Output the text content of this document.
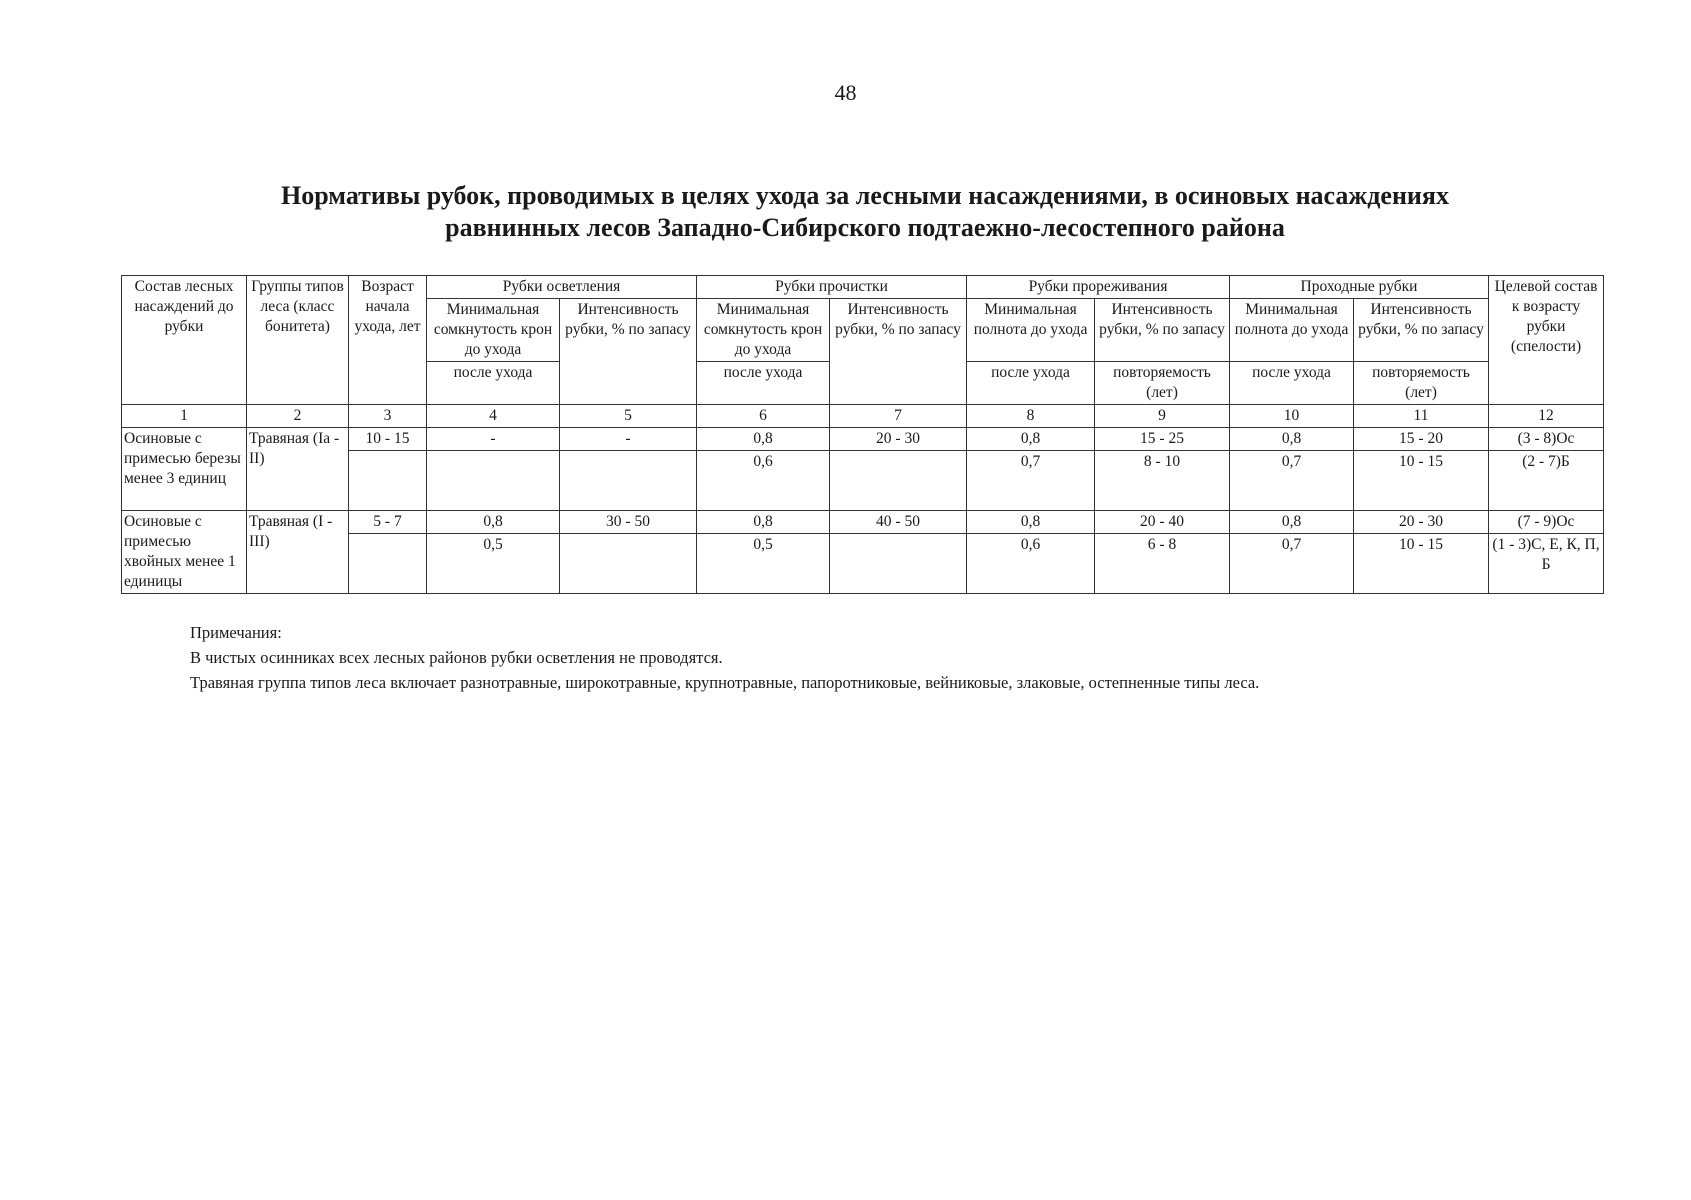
48
Нормативы рубок, проводимых в целях ухода за лесными насаждениями, в осиновых насаждениях
равнинных лесов Западно-Сибирского подтаежно-лесостепного района
Состав лесных насаждений до рубки	Группы типов леса (класс бонитета)	Возраст начала ухода, лет	Рубки осветления		Рубки прочистки		Рубки прореживания		Проходные рубки		Целевой состав к возрасту рубки (спелости)
			Минимальная сомкнутость крон до ухода	Интенсивность рубки, % по запасу	Минимальная сомкнутость крон до ухода	Интенсивность рубки, % по запасу	Минимальная полнота до ухода	Интенсивность рубки, % по запасу	Минимальная полнота до ухода	Интенсивность рубки, % по запасу	
			после ухода		после ухода		после ухода	повторяемость (лет)	после ухода	повторяемость (лет)	
1	2	3	4	5	6	7	8	9	10	11	12
Осиновые с примесью березы менее 3 единиц	Травяная (Ia - II)	10 - 15	-	-	0,8	20 - 30	0,8	15 - 25	0,8	15 - 20	(3 - 8)Ос
					0,6		0,7	8 - 10	0,7	10 - 15	(2 - 7)Б
Осиновые с примесью хвойных менее 1 единицы	Травяная (I - III)	5 - 7	0,8	30 - 50	0,8	40 - 50	0,8	20 - 40	0,8	20 - 30	(7 - 9)Ос
			0,5		0,5		0,6	6 - 8	0,7	10 - 15	(1 - 3)С, Е, К, П, Б
Примечания:
В чистых осинниках всех лесных районов рубки осветления не проводятся.
Травяная группа типов леса включает разнотравные, широкотравные, крупнотравные, папоротниковые, вейниковые, злаковые, остепненные типы леса.
